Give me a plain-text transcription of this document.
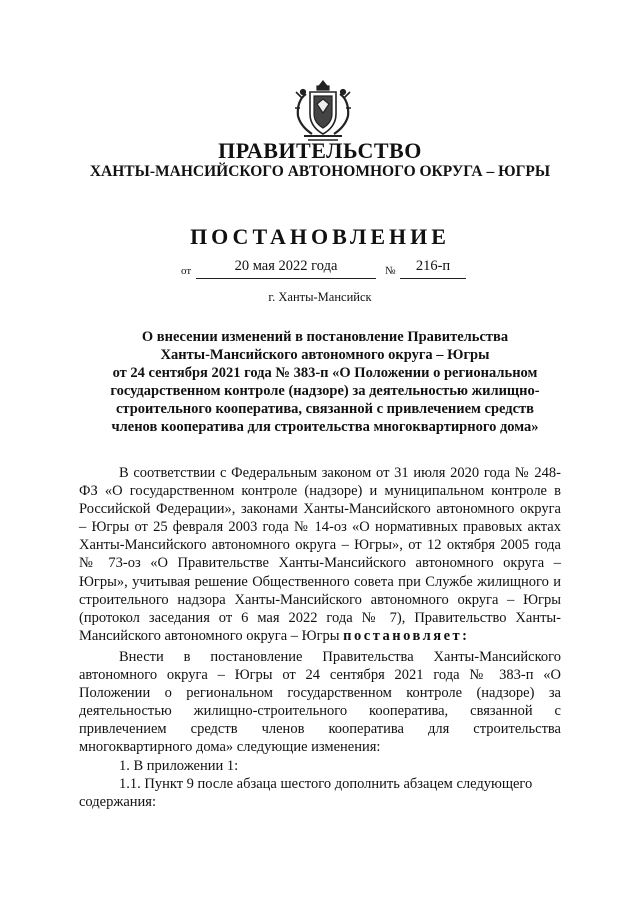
ПРАВИТЕЛЬСТВО
ХАНТЫ-МАНСИЙСКОГО АВТОНОМНОГО ОКРУГА – ЮГРЫ
ПОСТАНОВЛЕНИЕ
от	20 мая 2022 года	№	216-п
г. Ханты-Мансийск
О внесении изменений в постановление Правительства
Ханты-Мансийского автономного округа – Югры
от 24 сентября 2021 года № 383-п «О Положении о региональном
государственном контроле (надзоре) за деятельностью жилищно-
строительного кооператива, связанной с привлечением средств
членов кооператива для строительства многоквартирного дома»

В соответствии с Федеральным законом от 31 июля 2020 года № 248-ФЗ «О государственном контроле (надзоре) и муниципальном контроле в Российской Федерации», законами Ханты-Мансийского автономного округа – Югры от 25 февраля 2003 года № 14-оз «О нормативных правовых актах Ханты-Мансийского автономного округа – Югры», от 12 октября 2005 года № 73-оз «О Правительстве Ханты-Мансийского автономного округа – Югры», учитывая решение Общественного совета при Службе жилищного и строительного надзора Ханты-Мансийского автономного округа – Югры (протокол заседания от 6 мая 2022 года № 7), Правительство Ханты-Мансийского автономного округа – Югры постановляет:

Внести в постановление Правительства Ханты-Мансийского автономного округа – Югры от 24 сентября 2021 года № 383-п «О Положении о региональном государственном контроле (надзоре) за деятельностью жилищно-строительного кооператива, связанной с привлечением средств членов кооператива для строительства многоквартирного дома» следующие изменения:

1. В приложении 1:

1.1. Пункт 9 после абзаца шестого дополнить абзацем следующего содержания:
